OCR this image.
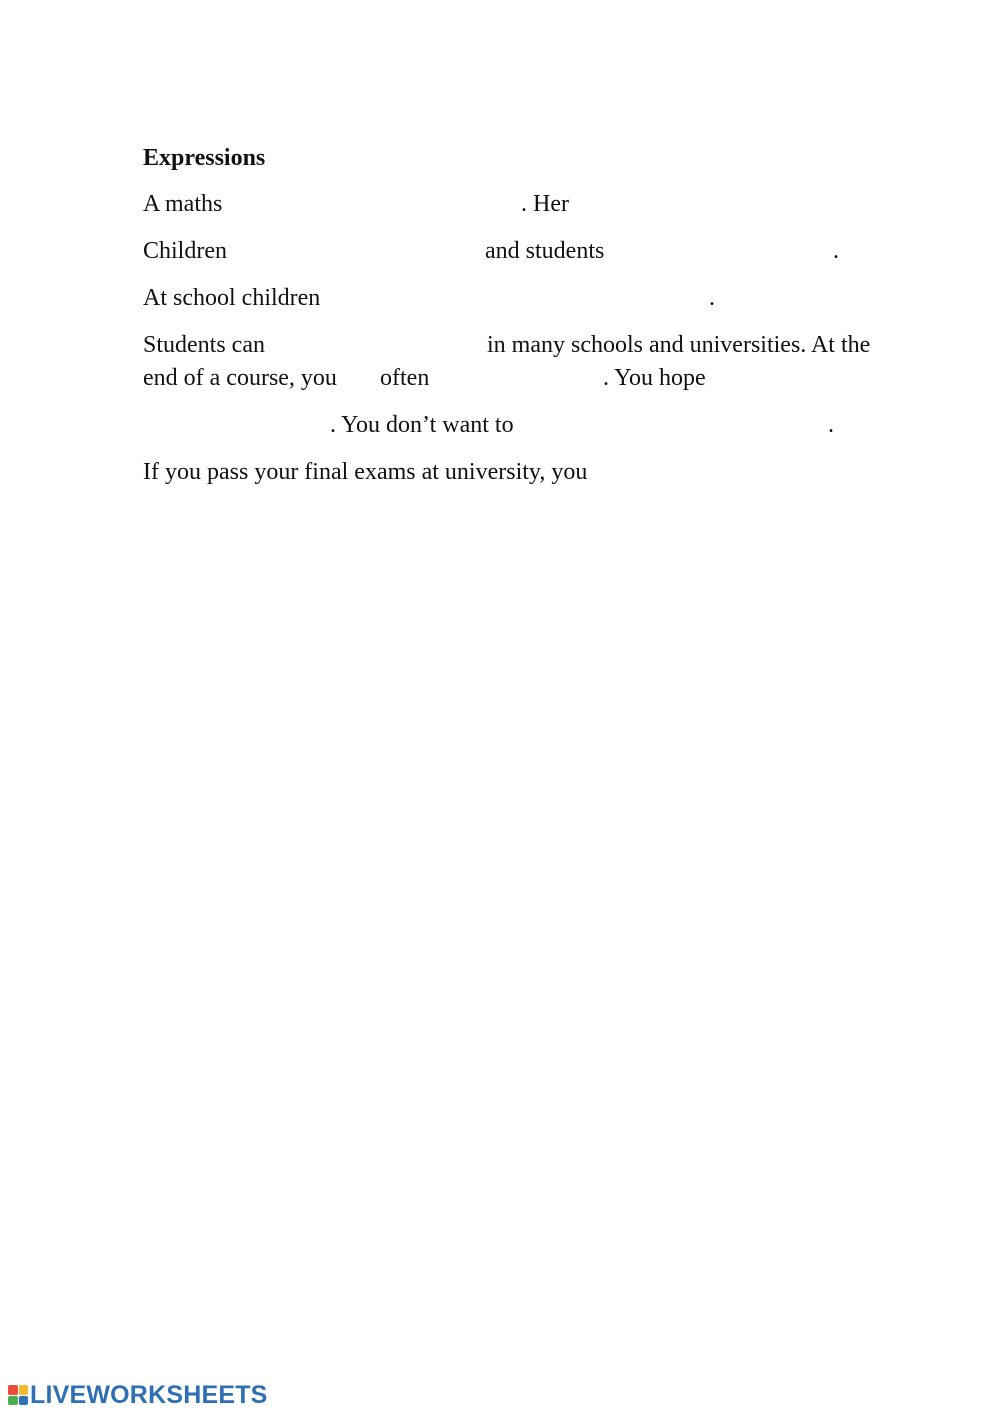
Expressions
A maths	. Her
Children	and students	.
At school children	.
Students can	in many schools and universities. At the
end of a course, you often	. You hope
. You don’t want to	.
If you pass your final exams at university, you
LIVEWORKSHEETS
